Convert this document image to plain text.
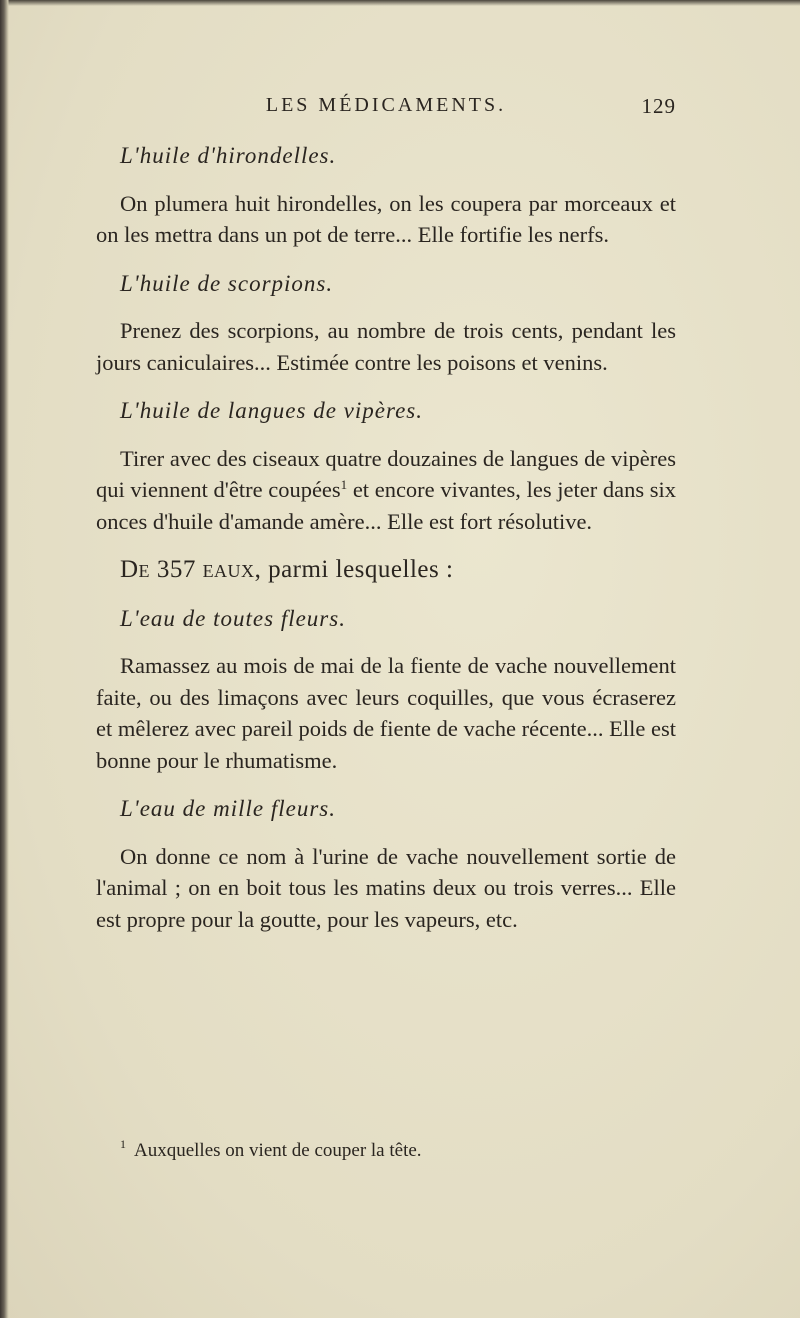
LES MÉDICAMENTS.	129
L'huile d'hirondelles.

On plumera huit hirondelles, on les coupera par morceaux et on les mettra dans un pot de terre... Elle fortifie les nerfs.

L'huile de scorpions.

Prenez des scorpions, au nombre de trois cents, pendant les jours caniculaires... Estimée contre les poisons et venins.

L'huile de langues de vipères.

Tirer avec des ciseaux quatre douzaines de langues de vipères qui viennent d'être coupées$^1$ et encore vivantes, les jeter dans six onces d'huile d'amande amère... Elle est fort résolutive.

De 357 eaux, parmi lesquelles :
L'eau de toutes fleurs.

Ramassez au mois de mai de la fiente de vache nouvellement faite, ou des limaçons avec leurs coquilles, que vous écraserez et mêlerez avec pareil poids de fiente de vache récente... Elle est bonne pour le rhumatisme.

L'eau de mille fleurs.

On donne ce nom à l'urine de vache nouvellement sortie de l'animal ; on en boit tous les matins deux ou trois verres... Elle est propre pour la goutte, pour les vapeurs, etc.

$^1$ Auxquelles on vient de couper la tête.
